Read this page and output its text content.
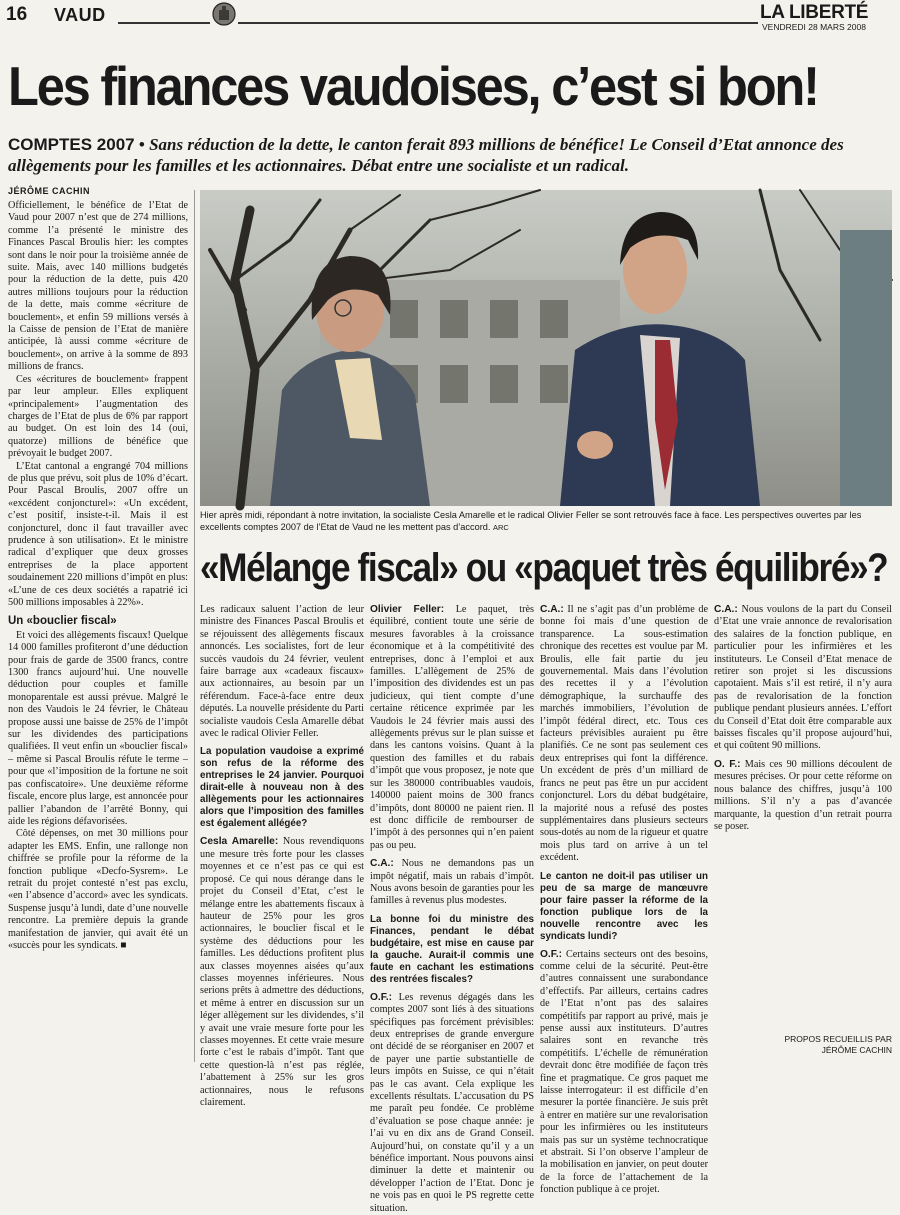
16 VAUD	LA LIBERTÉ
VENDREDI 28 MARS 2008
Les finances vaudoises, c’est si bon!
COMPTES 2007 • Sans réduction de la dette, le canton ferait 893 millions de bénéfice! Le Conseil d’Etat annonce des allègements pour les familles et les actionnaires. Débat entre une socialiste et un radical.
JÉRÔME CACHIN

Officiellement, le bénéfice de l’Etat de Vaud pour 2007 n’est que de 274 millions, comme l’a présenté le ministre des Finances Pascal Broulis hier: les comptes sont dans le noir pour la troisième année de suite. Mais, avec 140 millions budgetés pour la réduction de la dette, puis 420 autres millions toujours pour la réduction de la dette, mais comme «écriture de bouclement», et enfin 59 millions versés à la Caisse de pension de l’Etat de manière anticipée, là aussi comme «écriture de bouclement», on arrive à la somme de 893 millions de francs.

Ces «écritures de bouclement» frappent par leur ampleur. Elles expliquent «principalement» l’augmentation des charges de l’Etat de plus de 6% par rapport au budget. On est loin des 14 (oui, quatorze) millions de bénéfice que prévoyait le budget 2007.

L’Etat cantonal a engrangé 704 millions de plus que prévu, soit plus de 10% d’écart. Pour Pascal Broulis, 2007 offre un «excédent conjoncturel»: «Un excédent, c’est positif, insiste-t-il. Mais il est conjoncturel, donc il faut travailler avec prudence à son utilisation». Et le ministre radical d’expliquer que deux grosses entreprises de la place apportent soudainement 220 millions d’impôt en plus: «L’une de ces deux sociétés a rapatrié ici 500 millions imposables à 22%».

Un «bouclier fiscal»

Et voici des allègements fiscaux! Quelque 14 000 familles profiteront d’une déduction pour frais de garde de 3500 francs, contre 1300 francs aujourd’hui. Une nouvelle déduction pour couples et famille monoparentale est aussi prévue. Malgré le non des Vaudois le 24 février, le Château propose aussi une baisse de 25% de l’impôt sur les dividendes des participations qualifiées. Il veut enfin un «bouclier fiscal» – même si Pascal Broulis réfute le terme – pour que «l’imposition de la fortune ne soit pas confiscatoire». Une deuxième réforme fiscale, encore plus large, est annoncée pour pallier l’abandon de l’arrêté Bonny, qui aide les régions défavorisées.

Côté dépenses, on met 30 millions pour adapter les EMS. Enfin, une rallonge non chiffrée se profile pour la réforme de la fonction publique «Decfo-Sysrem». Le retrait du projet contesté n’est pas exclu, «en l’absence d’accord» avec les syndicats. Suspense jusqu’à lundi, date d’une nouvelle rencontre. La première depuis la grande manifestation de janvier, qui avait été un «succès pour les syndicats. ■

Hier après midi, répondant à notre invitation, la socialiste Cesla Amarelle et le radical Olivier Feller se sont retrouvés face à face. Les perspectives ouvertes par les excellents comptes 2007 de l’Etat de Vaud ne les mettent pas d’accord. ARC
«Mélange fiscal» ou «paquet très équilibré»?

Les radicaux saluent l’action de leur ministre des Finances Pascal Broulis et se réjouissent des allègements fiscaux annoncés. Les socialistes, fort de leur succès vaudois du 24 février, veulent faire barrage aux «cadeaux fiscaux» aux actionnaires, au besoin par un référendum. Face-à-face entre deux députés. La nouvelle présidente du Parti socialiste vaudois Cesla Amarelle débat avec le radical Olivier Feller.

La population vaudoise a exprimé son refus de la réforme des entreprises le 24 janvier. Pourquoi dirait-elle à nouveau non à des allègements pour les actionnaires alors que l’imposition des familles est également allégée?

Cesla Amarelle: Nous revendiquons une mesure très forte pour les classes moyennes et ce n’est pas ce qui est proposé. Ce qui nous dérange dans le projet du Conseil d’Etat, c’est le mélange entre les abattements fiscaux à hauteur de 25% pour les gros actionnaires, le bouclier fiscal et le système des déductions pour les familles. Les déductions profitent plus aux classes moyennes aisées qu’aux classes moyennes inférieures. Nous serions prêts à admettre des déductions, et même à entrer en discussion sur un léger allègement sur les dividendes, s’il y avait une vraie mesure forte pour les classes moyennes. Et cette vraie mesure forte c’est le rabais d’impôt. Tant que cette question-là n’est pas réglée, l’abattement à 25% sur les gros actionnaires, nous le refusons clairement.

Olivier Feller: Le paquet, très équilibré, contient toute une série de mesures favorables à la croissance économique et à la compétitivité des entreprises, donc à l’emploi et aux familles. L’allègement de 25% de l’imposition des dividendes est un pas judicieux, qui tient compte d’une certaine réticence exprimée par les Vaudois le 24 février mais aussi des allègements prévus sur le plan suisse et dans les cantons voisins. Quant à la question des familles et du rabais d’impôt que vous proposez, je note que sur les 380000 contribuables vaudois, 140000 paient moins de 300 francs d’impôts, dont 80000 ne paient rien. Il est donc difficile de rembourser de l’impôt à des personnes qui n’en paient pas ou peu.

C.A.: Nous ne demandons pas un impôt négatif, mais un rabais d’impôt. Nous avons besoin de garanties pour les familles à revenus plus modestes.

La bonne foi du ministre des Finances, pendant le débat budgétaire, est mise en cause par la gauche. Aurait-il commis une faute en cachant les estimations des rentrées fiscales?

O.F.: Les revenus dégagés dans les comptes 2007 sont liés à des situations spécifiques pas forcément prévisibles: deux entreprises de grande envergure ont décidé de se réorganiser en 2007 et de payer une partie substantielle de leurs impôts en Suisse, ce qui n’était pas le cas avant. Cela explique les excellents résultats. L’accusation du PS me paraît peu fondée. Ce problème d’évaluation se pose chaque année: je l’ai vu en dix ans de Grand Conseil. Aujourd’hui, on constate qu’il y a un bénéfice important. Nous pouvons ainsi diminuer la dette et maintenir ou développer l’action de l’Etat. Donc je ne vois pas en quoi le PS regrette cette situation.

C.A.: Il ne s’agit pas d’un problème de bonne foi mais d’une question de transparence. La sous-estimation chronique des recettes est voulue par M. Broulis, elle fait partie du jeu gouvernemental. Mais dans l’évolution des recettes il y a l’évolution démographique, la surchauffe des marchés immobiliers, l’évolution de l’impôt fédéral direct, etc. Tous ces facteurs prévisibles auraient pu être planifiés. Ce ne sont pas seulement ces deux entreprises qui font la différence. Un excédent de près d’un milliard de francs ne peut pas être un pur accident conjoncturel. Lors du débat budgétaire, la majorité nous a refusé des postes supplémentaires dans plusieurs secteurs sous-dotés au nom de la rigueur et quatre mois plus tard on arrive à un tel excédent.

Le canton ne doit-il pas utiliser un peu de sa marge de manœuvre pour faire passer la réforme de la fonction publique lors de la nouvelle rencontre avec les syndicats lundi?

O.F.: Certains secteurs ont des besoins, comme celui de la sécurité. Peut-être d’autres connaissent une surabondance d’effectifs. Par ailleurs, certains cadres de l’Etat n’ont pas des salaires compétitifs par rapport au privé, mais je pense aussi aux instituteurs. D’autres salaires sont en revanche très compétitifs. L’échelle de rémunération devrait donc être modifiée de façon très fine et pragmatique. Ce gros paquet me laisse interrogateur: il est difficile d’en mesurer la portée financière. Je suis prêt à entrer en matière sur une revalorisation pour les infirmières ou les instituteurs mais pas sur un système technocratique et abstrait. Si l’on observe l’ampleur de la mobilisation en janvier, on peut douter de la force de l’attachement de la fonction publique à ce projet.

C.A.: Nous voulons de la part du Conseil d’Etat une vraie annonce de revalorisation des salaires de la fonction publique, en particulier pour les infirmières et les instituteurs. Le Conseil d’Etat menace de retirer son projet si les discussions capotaient. Mais s’il est retiré, il n’y aura pas de revalorisation de la fonction publique pendant plusieurs années. L’effort du Conseil d’Etat doit être comparable aux baisses fiscales qu’il propose aujourd’hui, et qui coûtent 90 millions.

O. F.: Mais ces 90 millions découlent de mesures précises. Or pour cette réforme on nous balance des chiffres, jusqu’à 100 millions. S’il n’y a pas d’avancée marquante, la question d’un retrait pourra se poser.

PROPOS RECUEILLIS PAR
JÉRÔME CACHIN
